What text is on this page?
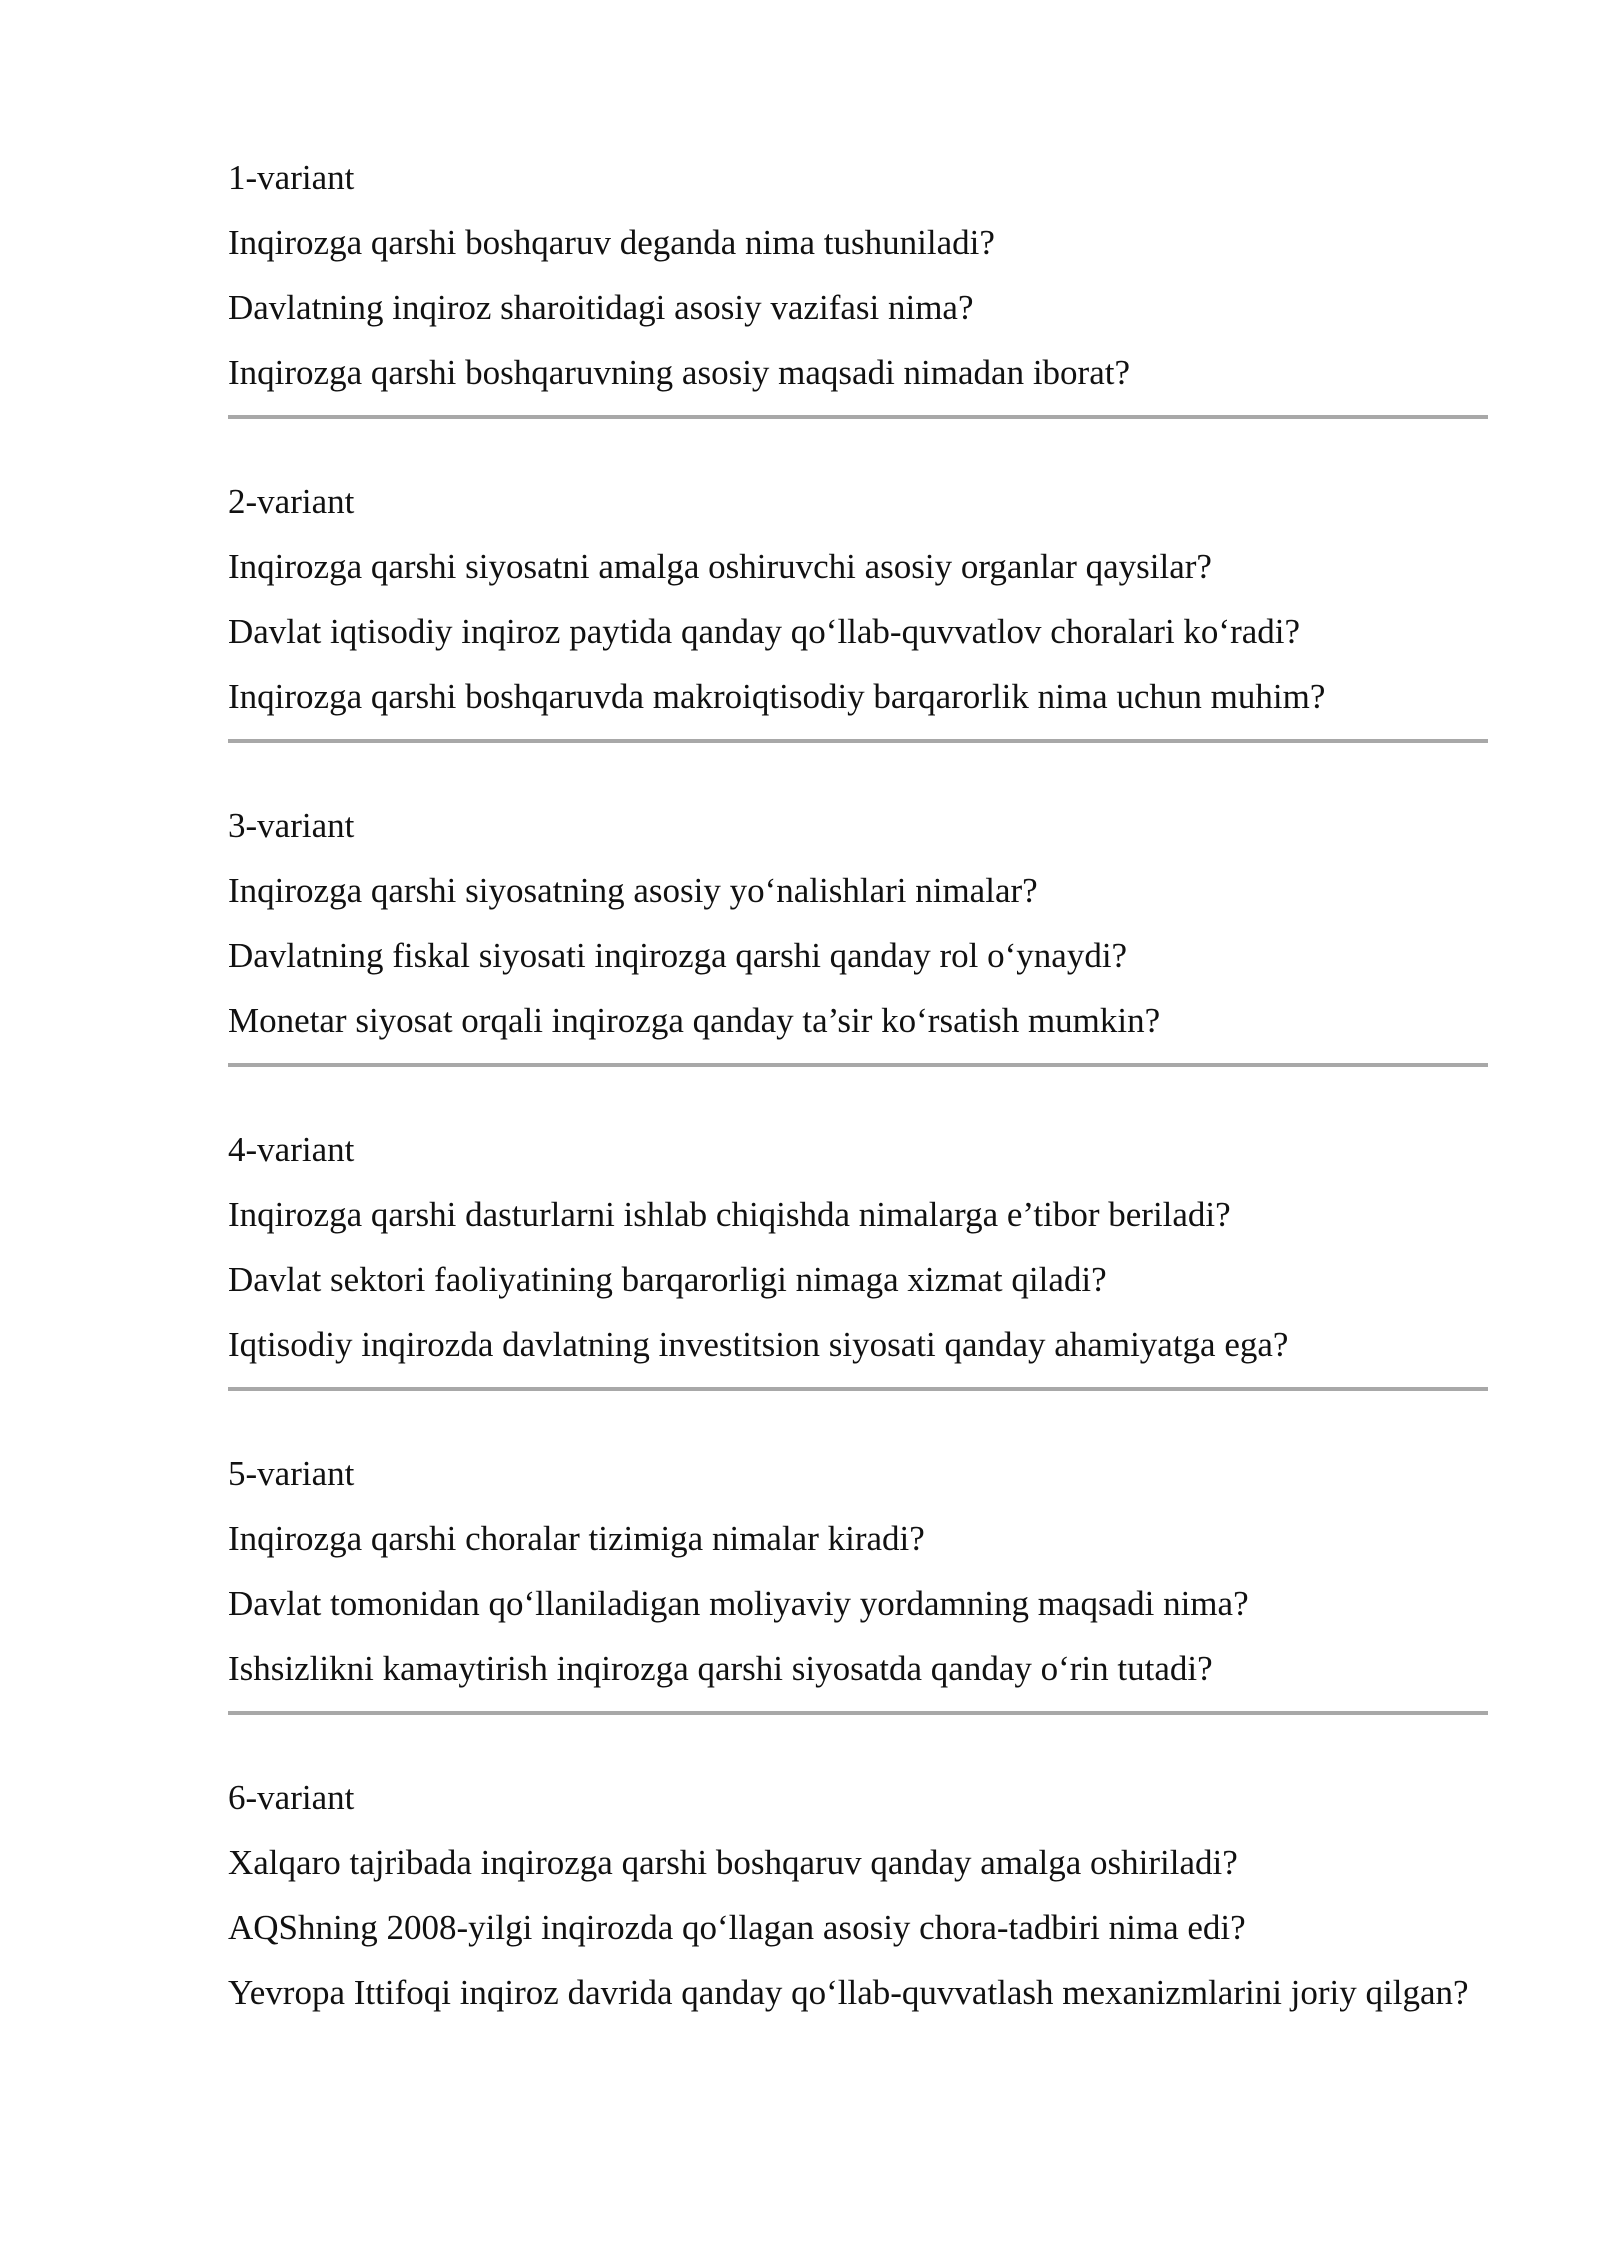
1-variant

Inqirozga qarshi boshqaruv deganda nima tushuniladi?

Davlatning inqiroz sharoitidagi asosiy vazifasi nima?

Inqirozga qarshi boshqaruvning asosiy maqsadi nimadan iborat?

2-variant

Inqirozga qarshi siyosatni amalga oshiruvchi asosiy organlar qaysilar?

Davlat iqtisodiy inqiroz paytida qanday qo‘llab-quvvatlov choralari ko‘radi?

Inqirozga qarshi boshqaruvda makroiqtisodiy barqarorlik nima uchun muhim?

3-variant

Inqirozga qarshi siyosatning asosiy yo‘nalishlari nimalar?

Davlatning fiskal siyosati inqirozga qarshi qanday rol o‘ynaydi?

Monetar siyosat orqali inqirozga qanday ta’sir ko‘rsatish mumkin?

4-variant

Inqirozga qarshi dasturlarni ishlab chiqishda nimalarga e’tibor beriladi?

Davlat sektori faoliyatining barqarorligi nimaga xizmat qiladi?

Iqtisodiy inqirozda davlatning investitsion siyosati qanday ahamiyatga ega?

5-variant

Inqirozga qarshi choralar tizimiga nimalar kiradi?

Davlat tomonidan qo‘llaniladigan moliyaviy yordamning maqsadi nima?

Ishsizlikni kamaytirish inqirozga qarshi siyosatda qanday o‘rin tutadi?

6-variant

Xalqaro tajribada inqirozga qarshi boshqaruv qanday amalga oshiriladi?

AQShning 2008-yilgi inqirozda qo‘llagan asosiy chora-tadbiri nima edi?

Yevropa Ittifoqi inqiroz davrida qanday qo‘llab-quvvatlash mexanizmlarini joriy qilgan?
